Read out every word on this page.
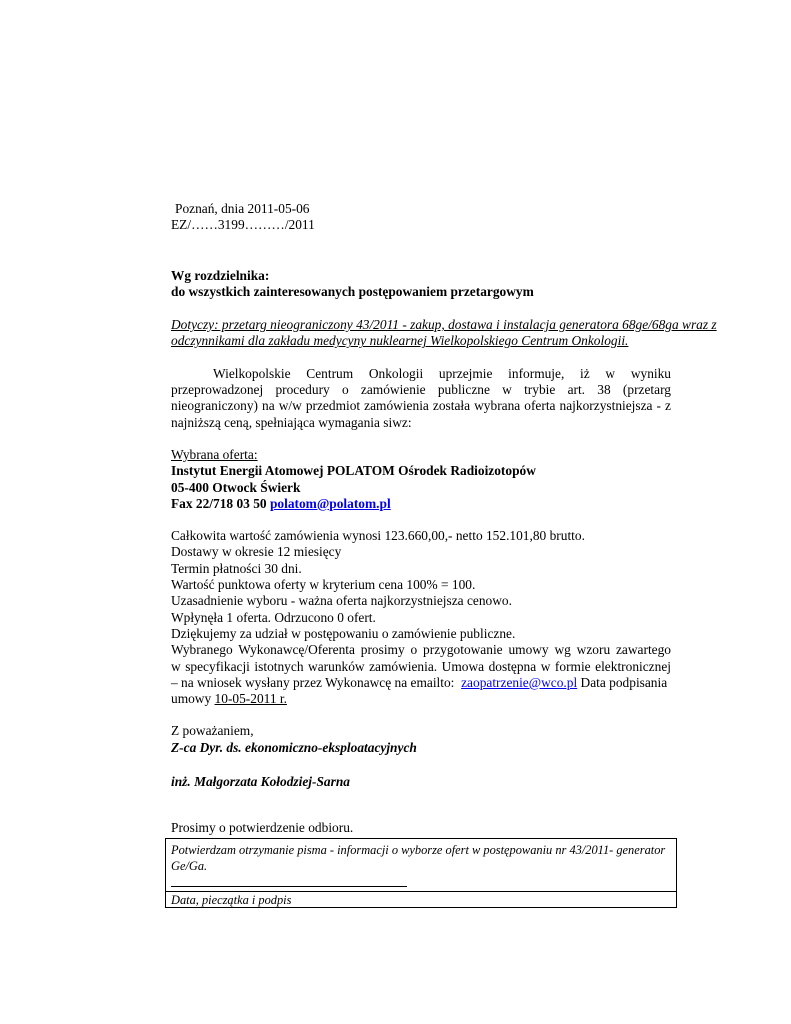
Poznań, dnia 2011-05-06
EZ/……3199………/2011
Wg rozdzielnika:
do wszystkich zainteresowanych postępowaniem przetargowym
Dotyczy: przetarg nieograniczony 43/2011 - zakup, dostawa i instalacja generatora 68ge/68ga wraz z
odczynnikami dla zakładu medycyny nuklearnej Wielkopolskiego Centrum Onkologii.
Wielkopolskie Centrum Onkologii uprzejmie informuje, iż w wyniku
przeprowadzonej procedury o zamówienie publiczne w trybie art. 38 (przetarg
nieograniczony) na w/w przedmiot zamówienia została wybrana oferta najkorzystniejsza - z
najniższą ceną, spełniająca wymagania siwz:
Wybrana oferta:
Instytut Energii Atomowej POLATOM Ośrodek Radioizotopów
05-400 Otwock Świerk
Fax 22/718 03 50 polatom@polatom.pl
Całkowita wartość zamówienia wynosi 123.660,00,- netto 152.101,80 brutto.
Dostawy w okresie 12 miesięcy
Termin płatności 30 dni.
Wartość punktowa oferty w kryterium cena 100% = 100.
Uzasadnienie wyboru - ważna oferta najkorzystniejsza cenowo.
Wpłynęła 1 oferta. Odrzucono 0 ofert.
Dziękujemy za udział w postępowaniu o zamówienie publiczne.
Wybranego Wykonawcę/Oferenta prosimy o przygotowanie umowy wg wzoru zawartego
w specyfikacji istotnych warunków zamówienia. Umowa dostępna w formie elektronicznej
– na wniosek wysłany przez Wykonawcę na emailto: zaopatrzenie@wco.pl Data podpisania
umowy 10-05-2011 r.
Z poważaniem,
Z-ca Dyr. ds. ekonomiczno-eksploatacyjnych
inż. Małgorzata Kołodziej-Sarna
Prosimy o potwierdzenie odbioru.
Potwierdzam otrzymanie pisma - informacji o wyborze ofert w postępowaniu nr 43/2011- generator
Ge/Ga.
Data, pieczątka i podpis
